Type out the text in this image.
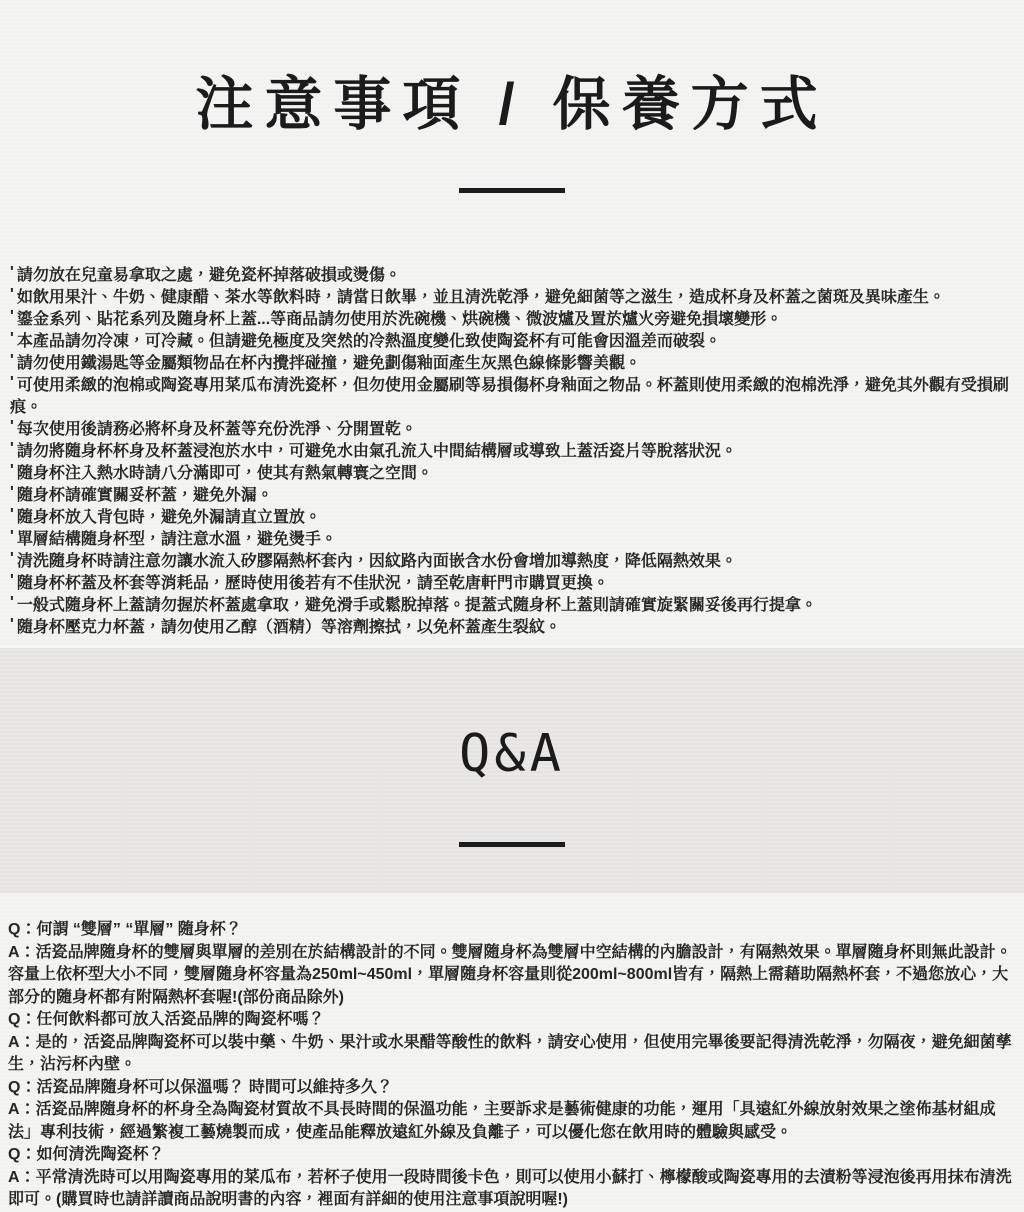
注意事項 / 保養方式
' 請勿放在兒童易拿取之處，避免瓷杯掉落破損或燙傷。
' 如飲用果汁、牛奶、健康醋、茶水等飲料時，請當日飲畢，並且清洗乾淨，避免細菌等之滋生，造成杯身及杯蓋之菌斑及異味產生。
' 鎏金系列、貼花系列及隨身杯上蓋...等商品請勿使用於洗碗機、烘碗機、微波爐及置於爐火旁避免損壞變形。
' 本產品請勿冷凍，可冷藏。但請避免極度及突然的冷熱溫度變化致使陶瓷杯有可能會因溫差而破裂。
' 請勿使用鐵湯匙等金屬類物品在杯內攪拌碰撞，避免劃傷釉面產生灰黑色線條影響美觀。
' 可使用柔緻的泡棉或陶瓷專用菜瓜布清洗瓷杯，但勿使用金屬刷等易損傷杯身釉面之物品。杯蓋則使用柔緻的泡棉洗淨，避免其外觀有受損刷痕。
' 每次使用後請務必將杯身及杯蓋等充份洗淨、分開置乾。
' 請勿將隨身杯杯身及杯蓋浸泡於水中，可避免水由氣孔流入中間結構層或導致上蓋活瓷片等脫落狀況。
' 隨身杯注入熱水時請八分滿即可，使其有熱氣轉寰之空間。
' 隨身杯請確實關妥杯蓋，避免外漏。
' 隨身杯放入背包時，避免外漏請直立置放。
' 單層結構隨身杯型，請注意水溫，避免燙手。
' 清洗隨身杯時請注意勿讓水流入矽膠隔熱杯套內，因紋路內面嵌含水份會增加導熱度，降低隔熱效果。
' 隨身杯杯蓋及杯套等消耗品，歷時使用後若有不佳狀況，請至乾唐軒門市購買更換。
' 一般式隨身杯上蓋請勿握於杯蓋處拿取，避免滑手或鬆脫掉落。提蓋式隨身杯上蓋則請確實旋緊關妥後再行提拿。
' 隨身杯壓克力杯蓋，請勿使用乙醇（酒精）等溶劑擦拭，以免杯蓋產生裂紋。
Q&A
Q：何謂 “雙層” “單層” 隨身杯？
A：活瓷品牌隨身杯的雙層與單層的差別在於結構設計的不同。雙層隨身杯為雙層中空結構的內膽設計，有隔熱效果。單層隨身杯則無此設計。容量上依杯型大小不同，雙層隨身杯容量為250ml~450ml，單層隨身杯容量則從200ml~800ml皆有，隔熱上需藉助隔熱杯套，不過您放心，大部分的隨身杯都有附隔熱杯套喔!(部份商品除外)
Q：任何飲料都可放入活瓷品牌的陶瓷杯嗎？
A：是的，活瓷品牌陶瓷杯可以裝中藥、牛奶、果汁或水果醋等酸性的飲料，請安心使用，但使用完畢後要記得清洗乾淨，勿隔夜，避免細菌孳生，沾污杯內壁。
Q：活瓷品牌隨身杯可以保溫嗎？ 時間可以維持多久？
A：活瓷品牌隨身杯的杯身全為陶瓷材質故不具長時間的保溫功能，主要訴求是藝術健康的功能，運用「具遠紅外線放射效果之塗佈基材組成法」專利技術，經過繁複工藝燒製而成，使產品能釋放遠紅外線及負離子，可以優化您在飲用時的體驗與感受。
Q：如何清洗陶瓷杯？
A：平常清洗時可以用陶瓷專用的菜瓜布，若杯子使用一段時間後卡色，則可以使用小蘇打、檸檬酸或陶瓷專用的去漬粉等浸泡後再用抹布清洗即可。(購買時也請詳讀商品說明書的內容，裡面有詳細的使用注意事項說明喔!)
